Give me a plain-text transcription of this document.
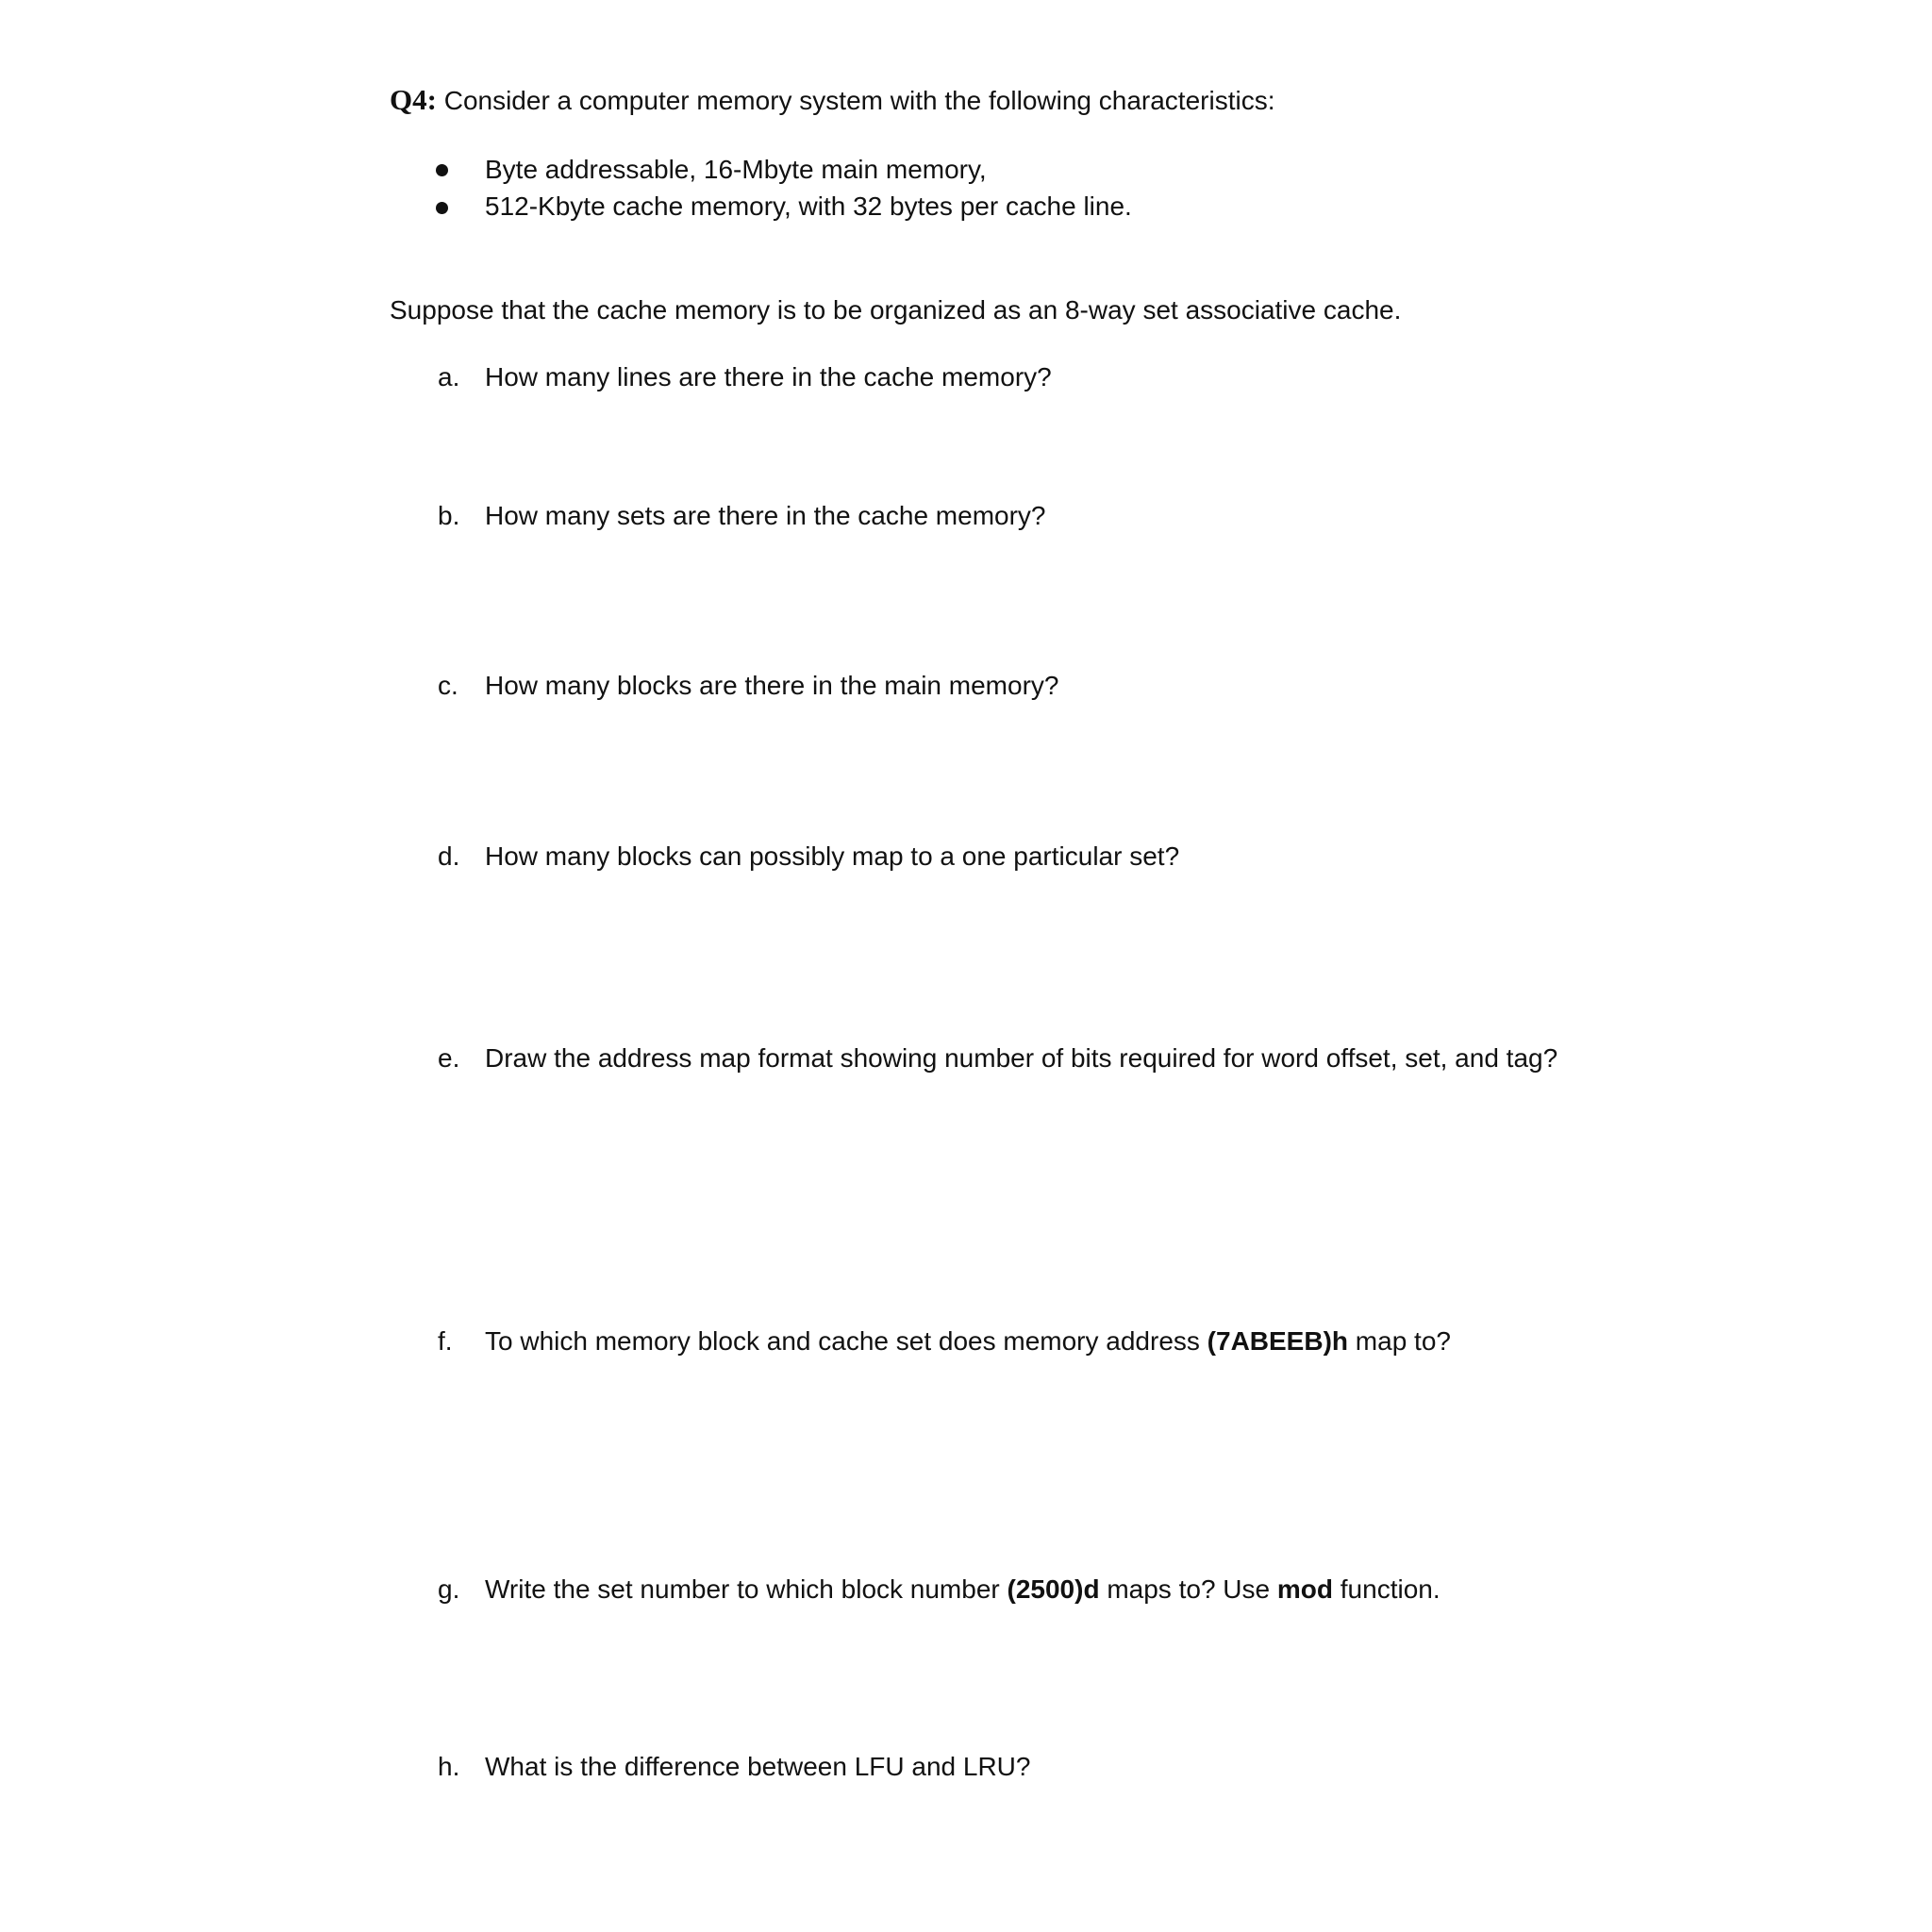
Q4: Consider a computer memory system with the following characteristics:
Byte addressable, 16-Mbyte main memory,
512-Kbyte cache memory, with 32 bytes per cache line.
Suppose that the cache memory is to be organized as an 8-way set associative cache.
a. How many lines are there in the cache memory?
b. How many sets are there in the cache memory?
c. How many blocks are there in the main memory?
d. How many blocks can possibly map to a one particular set?
e. Draw the address map format showing number of bits required for word offset, set, and tag?
f. To which memory block and cache set does memory address (7ABEEB)h map to?
g. Write the set number to which block number (2500)d maps to? Use mod function.
h. What is the difference between LFU and LRU?
